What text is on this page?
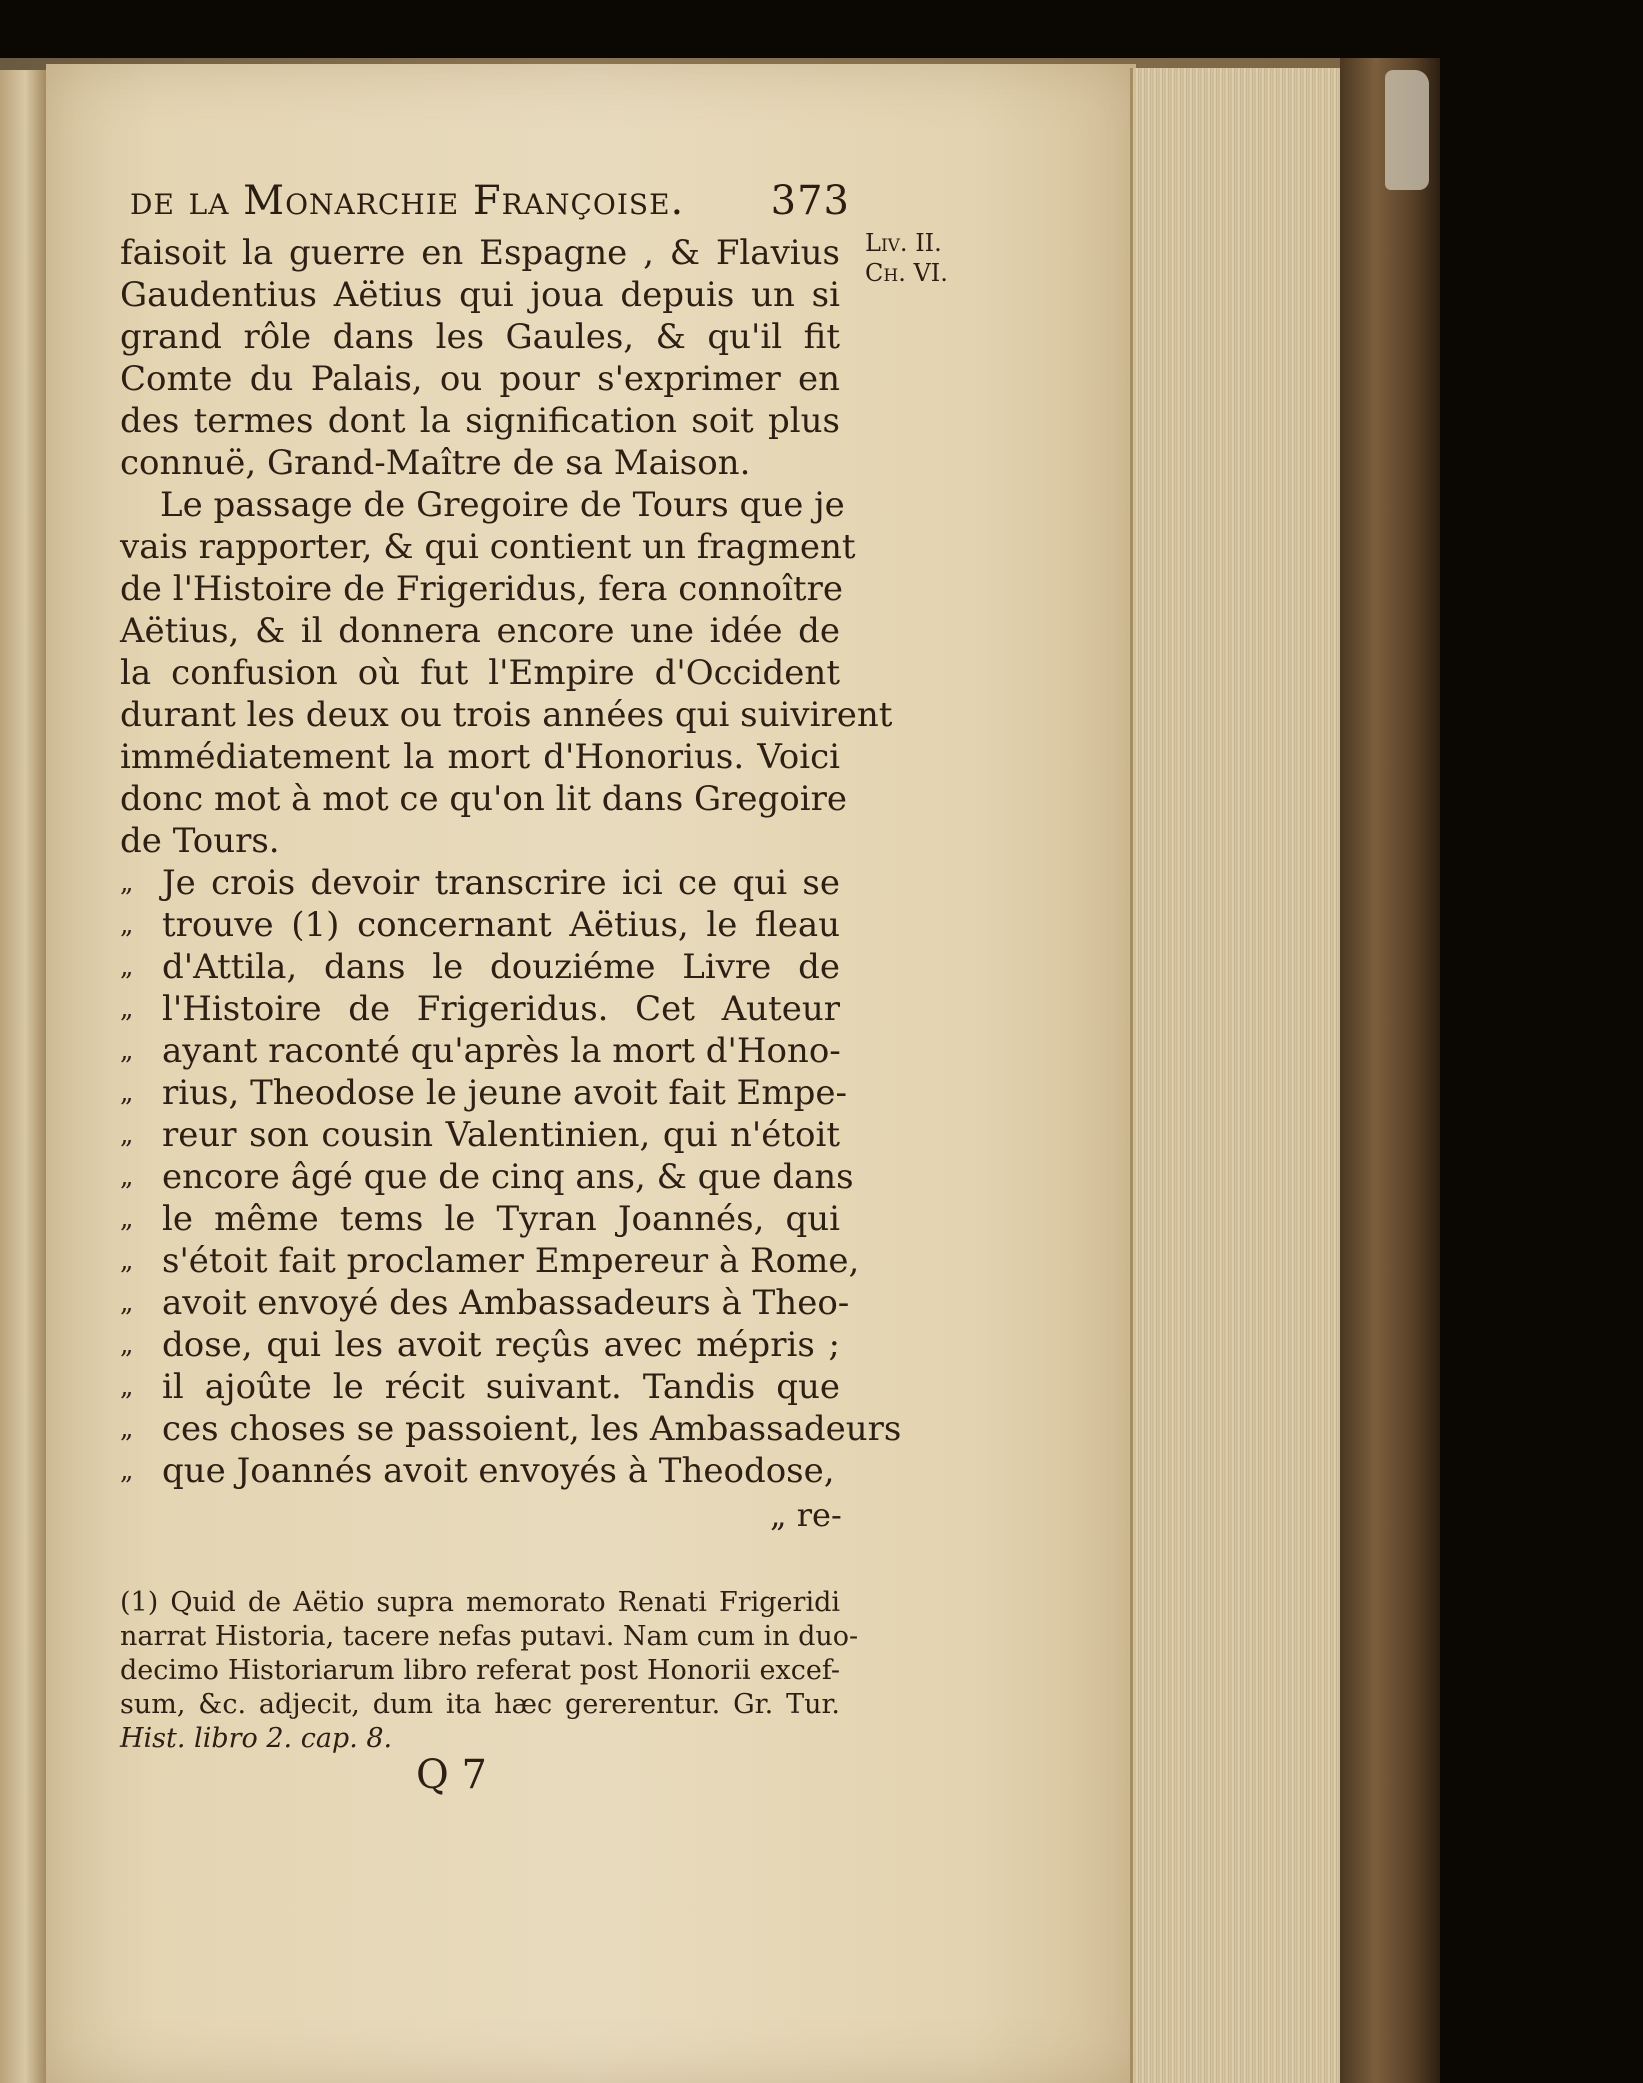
de la Monarchie Françoise. 373
Liv. II.
Ch. VI.
faisoit la guerre en Espagne , & Flavius
Gaudentius Aëtius qui joua depuis un si
grand rôle dans les Gaules, & qu'il fit
Comte du Palais, ou pour s'exprimer en
des termes dont la signification soit plus
connuë, Grand-Maître de sa Maison.
Le passage de Gregoire de Tours que je
vais rapporter, & qui contient un fragment
de l'Histoire de Frigeridus, fera connoître
Aëtius, & il donnera encore une idée de
la confusion où fut l'Empire d'Occident
durant les deux ou trois années qui suivirent
immédiatement la mort d'Honorius. Voici
donc mot à mot ce qu'on lit dans Gregoire
de Tours.
„ Je crois devoir transcrire ici ce qui se
„ trouve (1) concernant Aëtius, le fleau
„ d'Attila, dans le douziéme Livre de
„ l'Histoire de Frigeridus. Cet Auteur
„ ayant raconté qu'après la mort d'Hono-
„ rius, Theodose le jeune avoit fait Empe-
„ reur son cousin Valentinien, qui n'étoit
„ encore âgé que de cinq ans, & que dans
„ le même tems le Tyran Joannés, qui
„ s'étoit fait proclamer Empereur à Rome,
„ avoit envoyé des Ambassadeurs à Theo-
„ dose, qui les avoit reçûs avec mépris ;
„ il ajoûte le récit suivant. Tandis que
„ ces choses se passoient, les Ambassadeurs
„ que Joannés avoit envoyés à Theodose,
„ re-
(1) Quid de Aëtio supra memorato Renati Frigeridi
narrat Historia, tacere nefas putavi. Nam cum in duo-
decimo Historiarum libro referat post Honorii excef-
sum, &c. adjecit, dum ita hæc gererentur. Gr. Tur.
Hist. libro 2. cap. 8.
Q 7
